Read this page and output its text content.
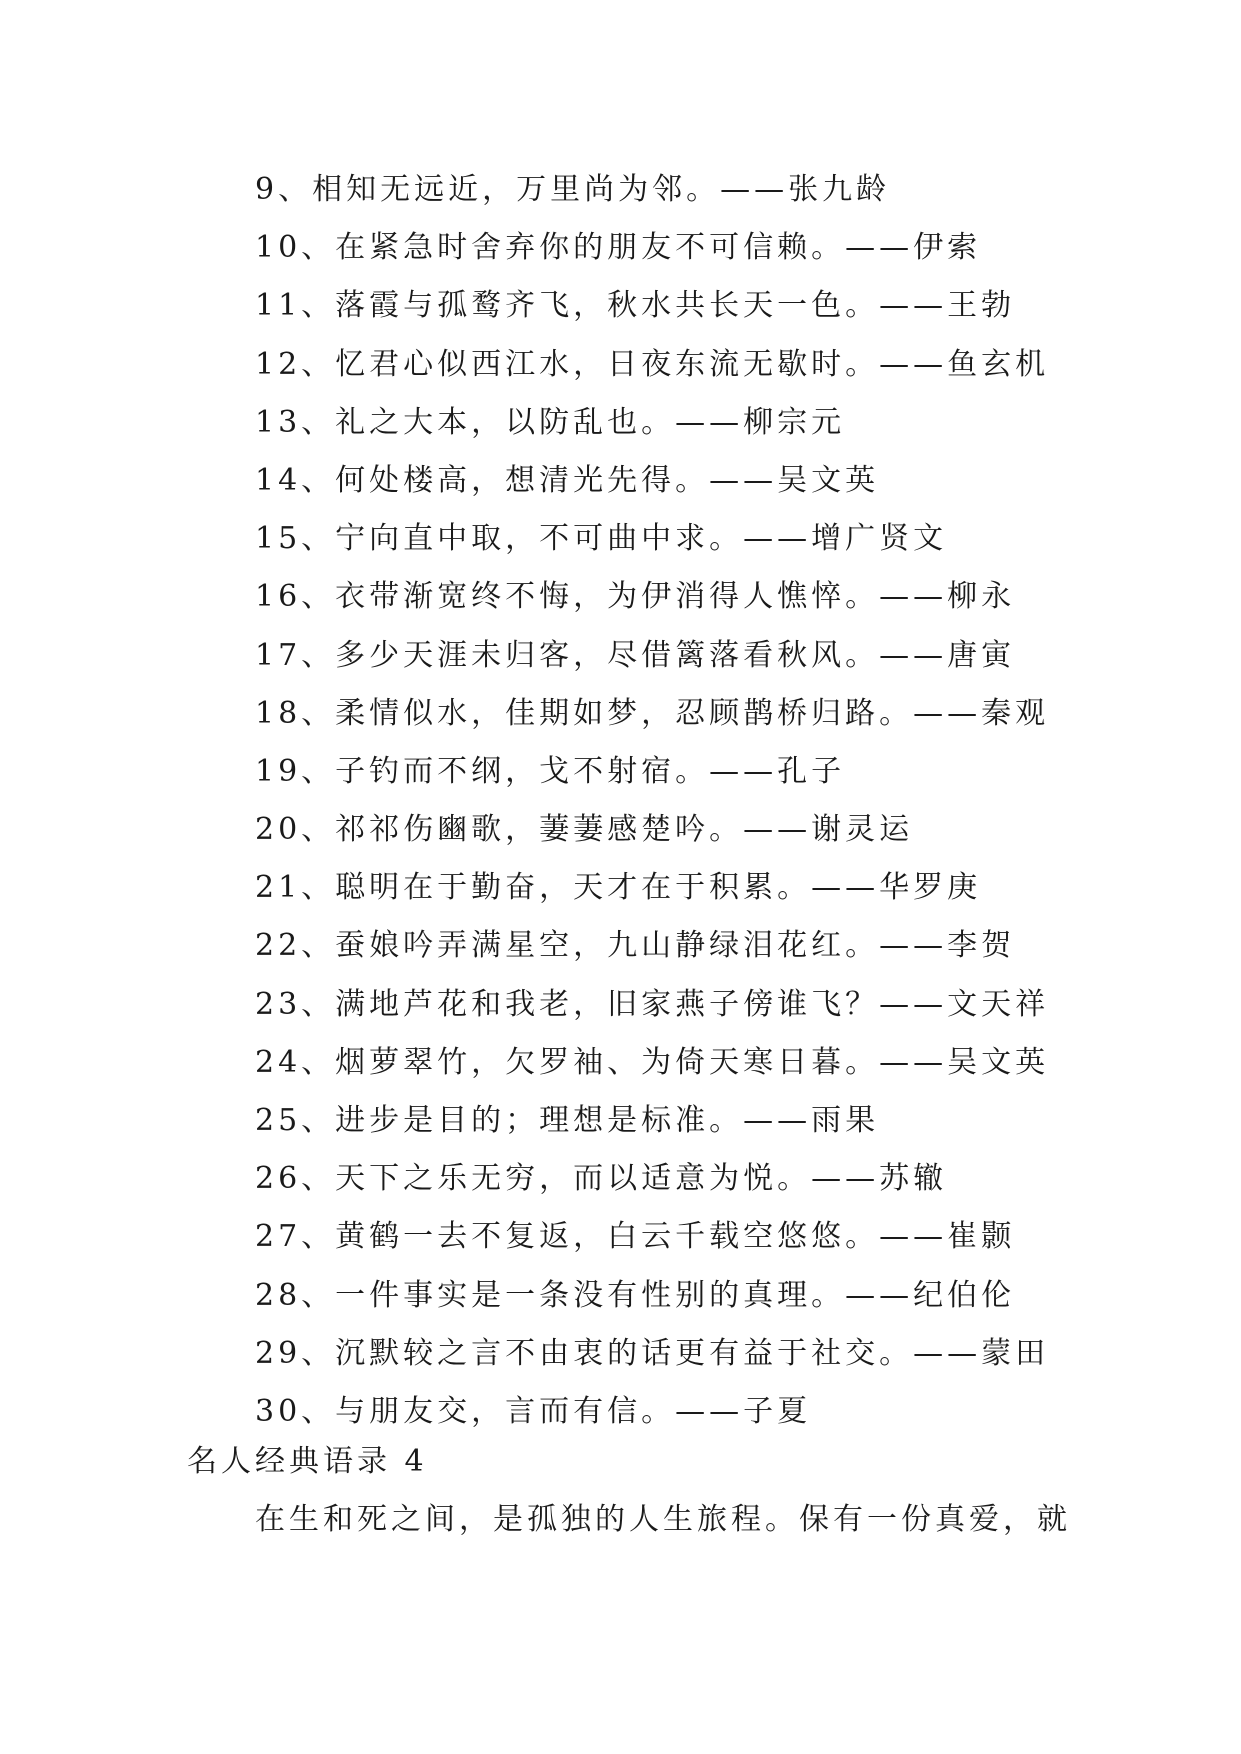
9、相知无远近，万里尚为邻。——张九龄
10、在紧急时舍弃你的朋友不可信赖。——伊索
11、落霞与孤鹜齐飞，秋水共长天一色。——王勃
12、忆君心似西江水，日夜东流无歇时。——鱼玄机
13、礼之大本，以防乱也。——柳宗元
14、何处楼高，想清光先得。——吴文英
15、宁向直中取，不可曲中求。——增广贤文
16、衣带渐宽终不悔，为伊消得人憔悴。——柳永
17、多少天涯未归客，尽借篱落看秋风。——唐寅
18、柔情似水，佳期如梦，忍顾鹊桥归路。——秦观
19、子钓而不纲，戈不射宿。——孔子
20、祁祁伤豳歌，萋萋感楚吟。——谢灵运
21、聪明在于勤奋，天才在于积累。——华罗庚
22、蚕娘吟弄满星空，九山静绿泪花红。——李贺
23、满地芦花和我老，旧家燕子傍谁飞？——文天祥
24、烟萝翠竹，欠罗袖、为倚天寒日暮。——吴文英
25、进步是目的；理想是标准。——雨果
26、天下之乐无穷，而以适意为悦。——苏辙
27、黄鹤一去不复返，白云千载空悠悠。——崔颢
28、一件事实是一条没有性别的真理。——纪伯伦
29、沉默较之言不由衷的话更有益于社交。——蒙田
30、与朋友交，言而有信。——子夏
名人经典语录 4

在生和死之间，是孤独的人生旅程。保有一份真爱，就
